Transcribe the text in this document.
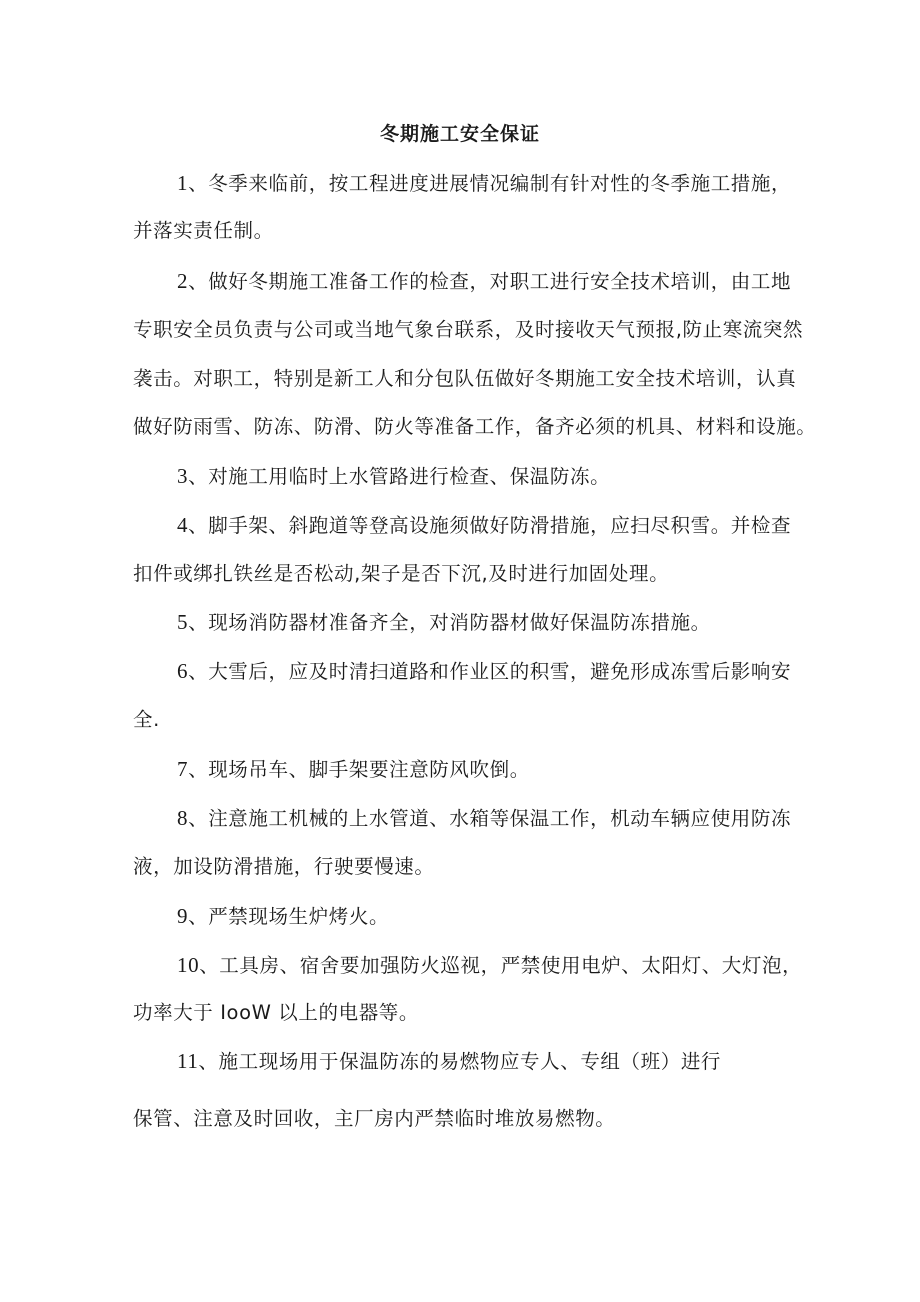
冬期施工安全保证
1、冬季来临前，按工程进度进展情况编制有针对性的冬季施工措施，
并落实责任制。
2、做好冬期施工准备工作的检查，对职工进行安全技术培训，由工地
专职安全员负责与公司或当地气象台联系，及时接收天气预报,防止寒流突然
袭击。对职工，特别是新工人和分包队伍做好冬期施工安全技术培训，认真
做好防雨雪、防冻、防滑、防火等准备工作，备齐必须的机具、材料和设施。
3、对施工用临时上水管路进行检查、保温防冻。
4、脚手架、斜跑道等登高设施须做好防滑措施，应扫尽积雪。并检查
扣件或绑扎铁丝是否松动,架子是否下沉,及时进行加固处理。
5、现场消防器材准备齐全，对消防器材做好保温防冻措施。
6、大雪后，应及时清扫道路和作业区的积雪，避免形成冻雪后影响安
全.
7、现场吊车、脚手架要注意防风吹倒。
8、注意施工机械的上水管道、水箱等保温工作，机动车辆应使用防冻
液，加设防滑措施，行驶要慢速。
9、严禁现场生炉烤火。
10、工具房、宿舍要加强防火巡视，严禁使用电炉、太阳灯、大灯泡，
功率大于 IooW 以上的电器等。
11、施工现场用于保温防冻的易燃物应专人、专组（班）进行
保管、注意及时回收，主厂房内严禁临时堆放易燃物。
